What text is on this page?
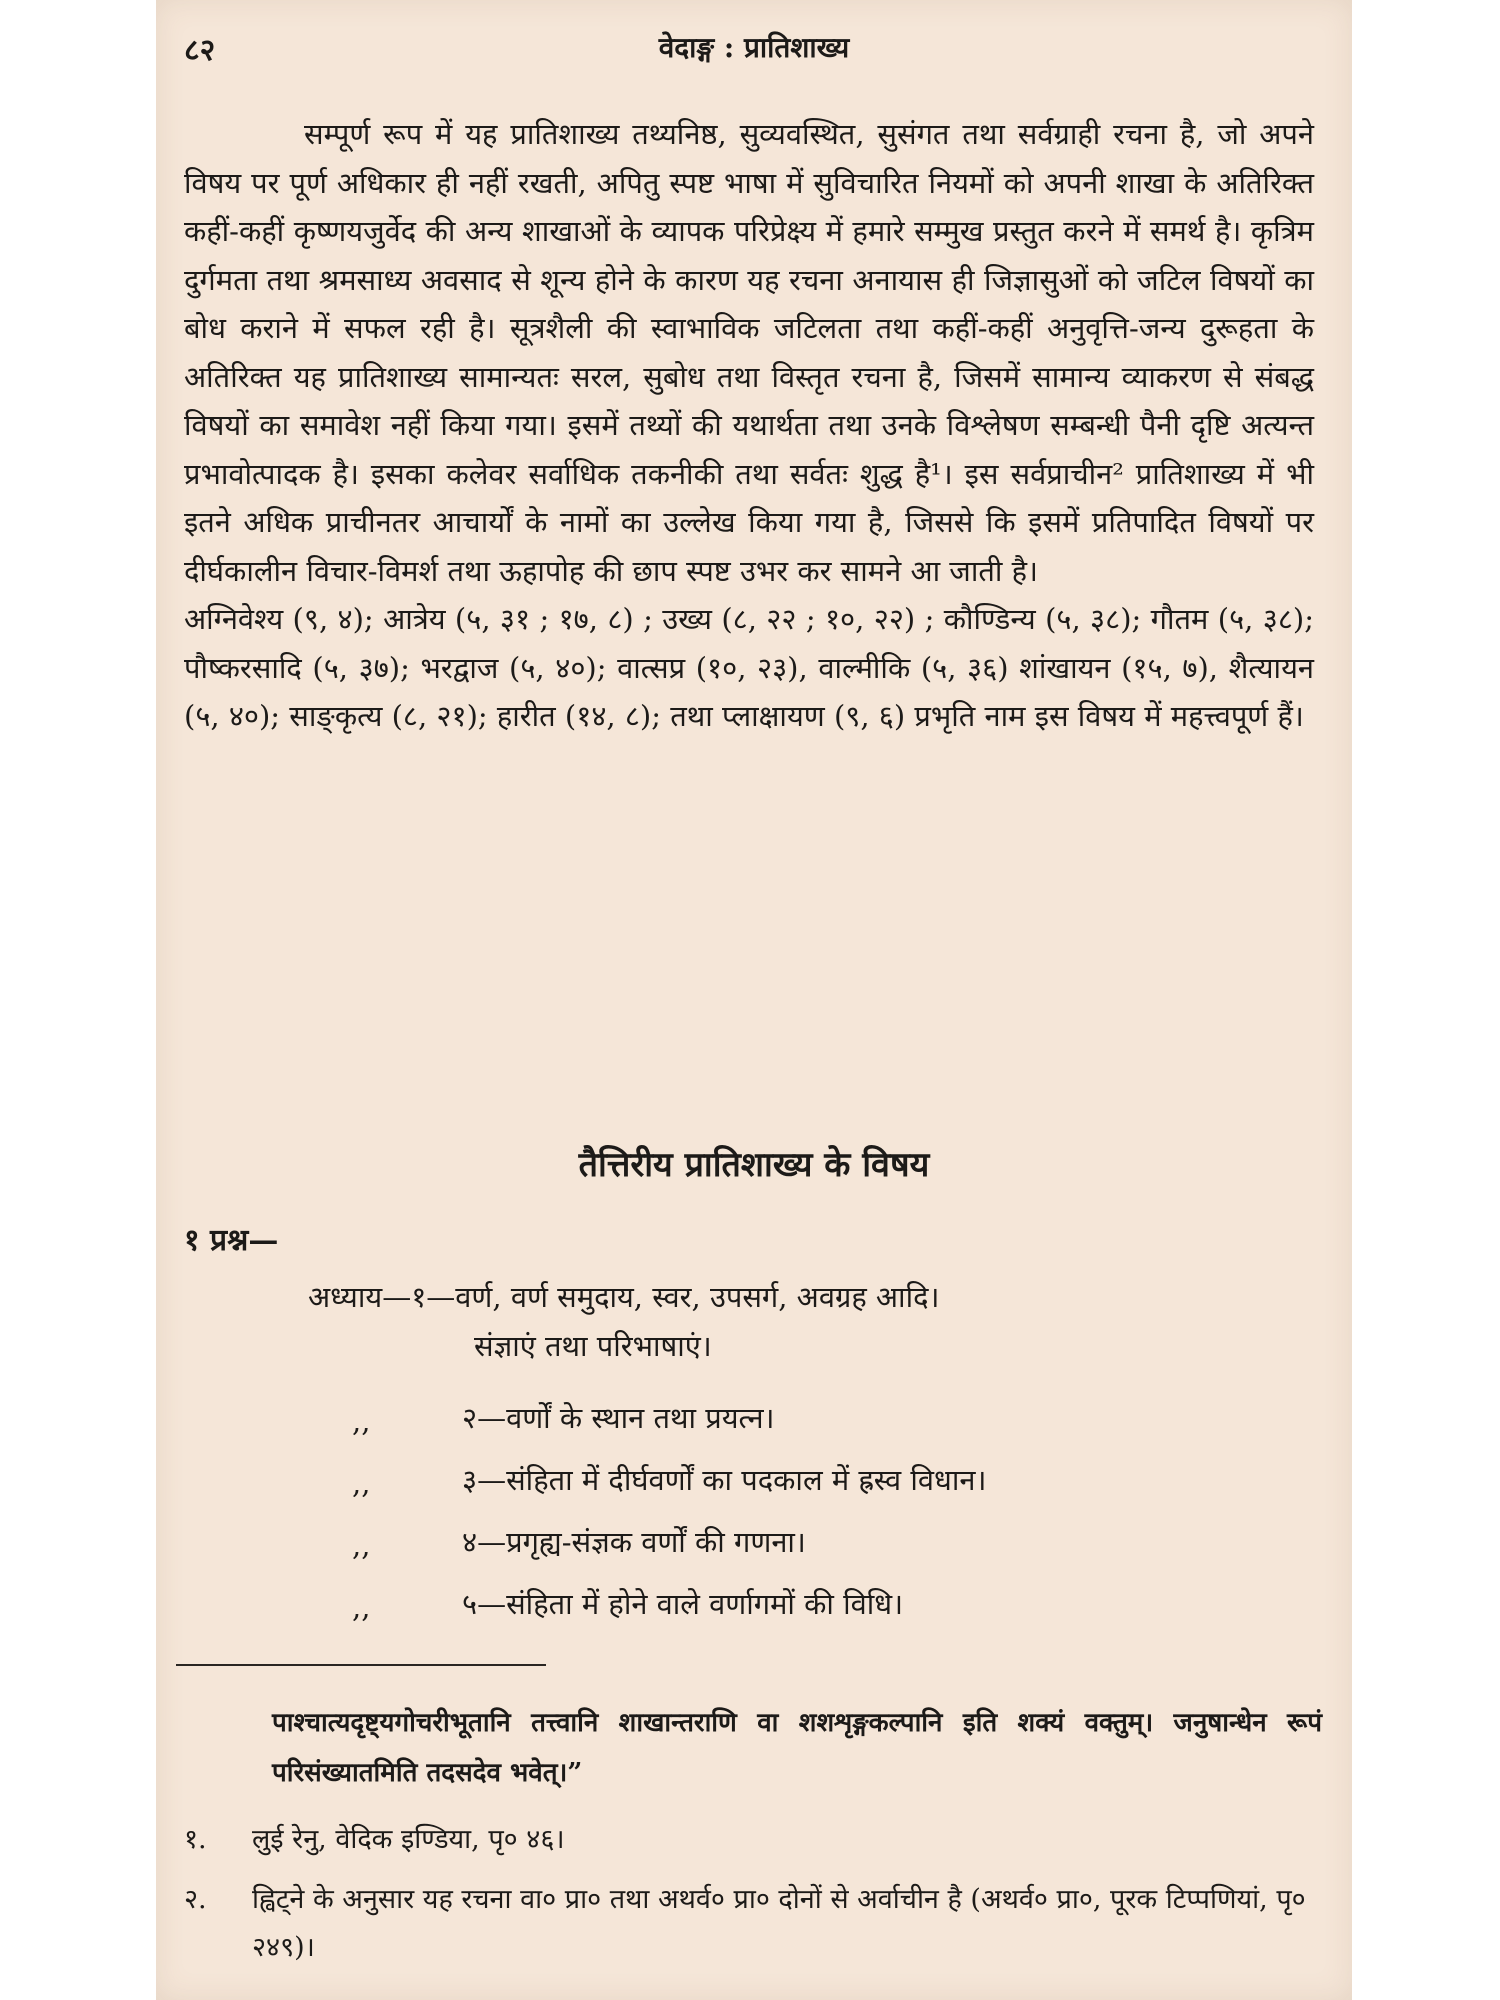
८२	वेदाङ्ग : प्रातिशाख्य

सम्पूर्ण रूप में यह प्रातिशाख्य तथ्यनिष्ठ, सुव्यवस्थित, सुसंगत तथा सर्वग्राही रचना है, जो अपने विषय पर पूर्ण अधिकार ही नहीं रखती, अपितु स्पष्ट भाषा में सुविचारित नियमों को अपनी शाखा के अतिरिक्त कहीं-कहीं कृष्णयजुर्वेद की अन्य शाखाओं के व्यापक परिप्रेक्ष्य में हमारे सम्मुख प्रस्तुत करने में समर्थ है। कृत्रिम दुर्गमता तथा श्रमसाध्य अवसाद से शून्य होने के कारण यह रचना अनायास ही जिज्ञासुओं को जटिल विषयों का बोध कराने में सफल रही है। सूत्रशैली की स्वाभाविक जटिलता तथा कहीं-कहीं अनुवृत्ति-जन्य दुरूहता के अतिरिक्त यह प्रातिशाख्य सामान्यतः सरल, सुबोध तथा विस्तृत रचना है, जिसमें सामान्य व्याकरण से संबद्ध विषयों का समावेश नहीं किया गया। इसमें तथ्यों की यथार्थता तथा उनके विश्लेषण सम्बन्धी पैनी दृष्टि अत्यन्त प्रभावोत्पादक है। इसका कलेवर सर्वाधिक तकनीकी तथा सर्वतः शुद्ध है¹। इस सर्वप्राचीन² प्रातिशाख्य में भी इतने अधिक प्राचीनतर आचार्यों के नामों का उल्लेख किया गया है, जिससे कि इसमें प्रतिपादित विषयों पर दीर्घकालीन विचार-विमर्श तथा ऊहापोह की छाप स्पष्ट उभर कर सामने आ जाती है।

अग्निवेश्य (९, ४); आत्रेय (५, ३१ ; १७, ८) ; उख्य (८, २२ ; १०, २२) ; कौण्डिन्य (५, ३८); गौतम (५, ३८); पौष्करसादि (५, ३७); भरद्वाज (५, ४०); वात्सप्र (१०, २३), वाल्मीकि (५, ३६) शांखायन (१५, ७), शैत्यायन (५, ४०); साङ्कृत्य (८, २१); हारीत (१४, ८); तथा प्लाक्षायण (९, ६) प्रभृति नाम इस विषय में महत्त्वपूर्ण हैं।
तैत्तिरीय प्रातिशाख्य के विषय
१ प्रश्न—
अध्याय—१—वर्ण, वर्ण समुदाय, स्वर, उपसर्ग, अवग्रह आदि।
संज्ञाएं तथा परिभाषाएं।
,,	२—वर्णों के स्थान तथा प्रयत्न।
,,	३—संहिता में दीर्घवर्णों का पदकाल में ह्रस्व विधान।
,,	४—प्रगृह्य-संज्ञक वर्णों की गणना।
,,	५—संहिता में होने वाले वर्णागमों की विधि।
पाश्चात्यदृष्ट्यगोचरीभूतानि तत्त्वानि शाखान्तराणि वा शशशृङ्गकल्पानि इति शक्यं वक्तुम्। जनुषान्धेन रूपं परिसंख्यातमिति तदसदेव भवेत्।”
१. लुई रेनु, वेदिक इण्डिया, पृ० ४६।
२. ह्विट्ने के अनुसार यह रचना वा० प्रा० तथा अथर्व० प्रा० दोनों से अर्वाचीन है (अथर्व० प्रा०, पूरक टिप्पणियां, पृ० २४९)।
